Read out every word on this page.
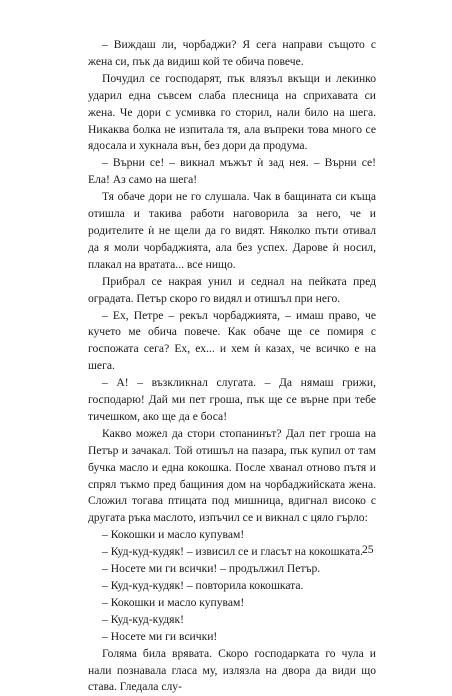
– Виждаш ли, чорбаджи? Я сега направи същото с жена си, пък да видиш кой те обича повече.

Почудил се господарят, пък влязъл вкъщи и лекинко ударил една съвсем слаба плесница на сприхавата си жена. Че дори с усмивка го сторил, нали било на шега. Никаква болка не изпитала тя, ала въпреки това много се ядосала и хукнала вън, без дори да продума.

– Върни се! – викнал мъжът ѝ зад нея. – Върни се! Ела! Аз само на шега!

Тя обаче дори не го слушала. Чак в бащината си къща отишла и такива работи наговорила за него, че и родителите ѝ не щели да го видят. Няколко пъти отивал да я моли чорбаджията, ала без успех. Дарове ѝ носил, плакал на вратата... все нищо.

Прибрал се накрая унил и седнал на пейката пред оградата. Петър скоро го видял и отишъл при него.

– Ех, Петре – рекъл чорбаджията, – имаш право, че кучето ме обича повече. Как обаче ще се помиря с госпожата сега? Ех, ех... и хем ѝ казах, че всичко е на шега.

– А! – възкликнал слугата. – Да нямаш грижи, господарю! Дай ми пет гроша, пък ще се върне при тебе тичешком, ако ще да е боса!

Какво можел да стори стопанинът? Дал пет гроша на Петър и зачакал. Той отишъл на пазара, пък купил от там бучка масло и една кокошка. После хванал отново пътя и спрял тъкмо пред бащиния дом на чорбаджийската жена. Сложил тогава птицата под мишница, вдигнал високо с другата ръка маслото, изпъчил се и викнал с цяло гърло:

– Кокошки и масло купувам!

– Куд-куд-кудяк! – извисил се и гласът на кокошката.

– Носете ми ги всички! – продължил Петър.

– Куд-куд-кудяк! – повторила кокошката.

– Кокошки и масло купувам!

– Куд-куд-кудяк!

– Носете ми ги всички!

Голяма била врявата. Скоро господарката го чула и нали познавала гласа му, излязла на двора да види що става. Гледала слу-

25
